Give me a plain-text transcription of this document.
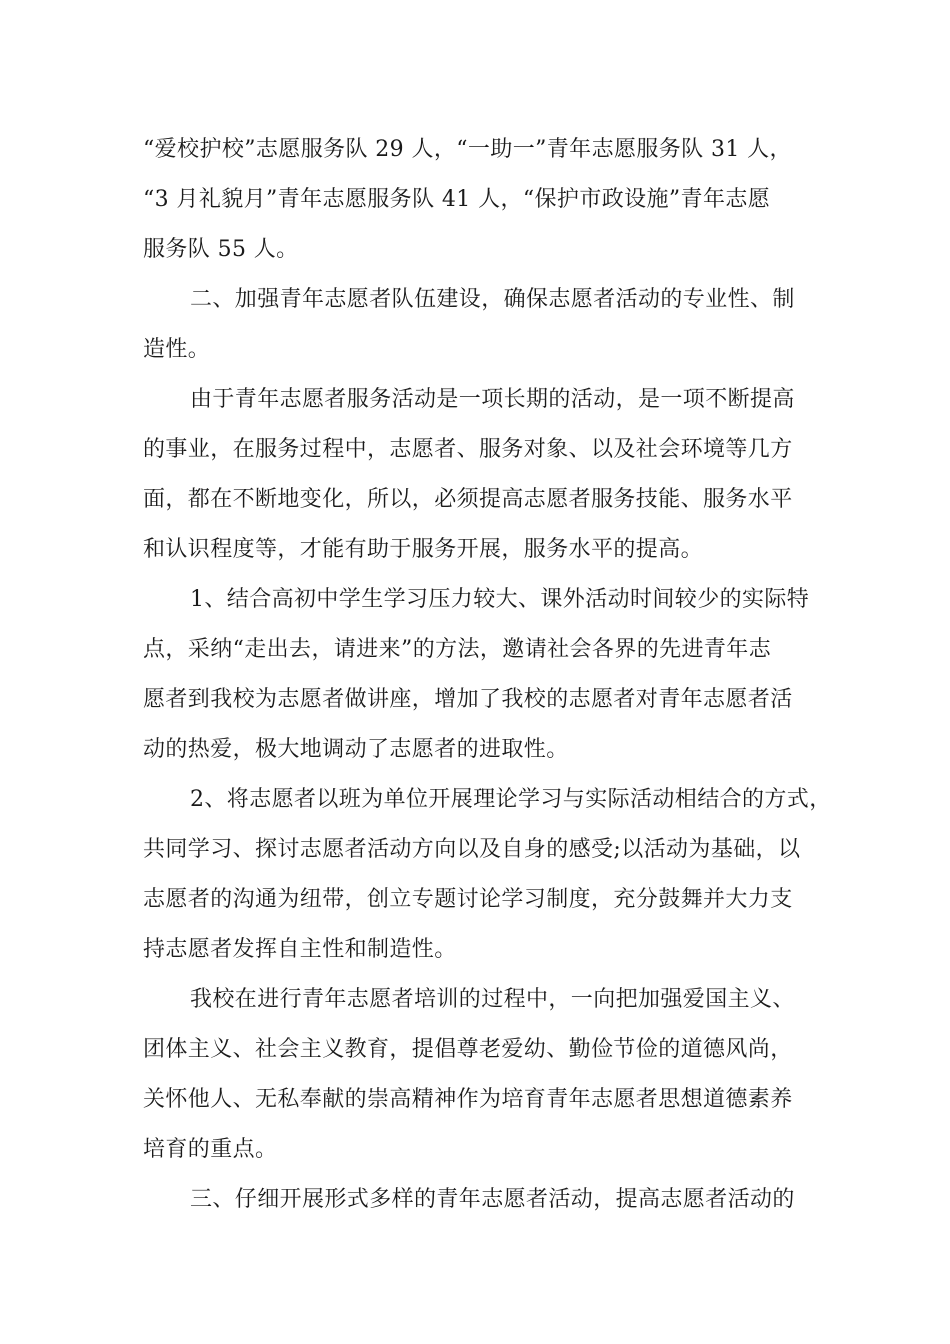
“爱校护校”志愿服务队 29 人，“一助一”青年志愿服务队 31 人，
“3 月礼貌月”青年志愿服务队 41 人，“保护市政设施”青年志愿
服务队 55 人。
二、加强青年志愿者队伍建设，确保志愿者活动的专业性、制
造性。
由于青年志愿者服务活动是一项长期的活动，是一项不断提高
的事业，在服务过程中，志愿者、服务对象、以及社会环境等几方
面，都在不断地变化，所以，必须提高志愿者服务技能、服务水平
和认识程度等，才能有助于服务开展，服务水平的提高。
1、结合高初中学生学习压力较大、课外活动时间较少的实际特
点，采纳“走出去，请进来”的方法，邀请社会各界的先进青年志
愿者到我校为志愿者做讲座，增加了我校的志愿者对青年志愿者活
动的热爱，极大地调动了志愿者的进取性。
2、将志愿者以班为单位开展理论学习与实际活动相结合的方式，
共同学习、探讨志愿者活动方向以及自身的感受;以活动为基础，以
志愿者的沟通为纽带，创立专题讨论学习制度，充分鼓舞并大力支
持志愿者发挥自主性和制造性。
我校在进行青年志愿者培训的过程中，一向把加强爱国主义、
团体主义、社会主义教育，提倡尊老爱幼、勤俭节俭的道德风尚，
关怀他人、无私奉献的崇高精神作为培育青年志愿者思想道德素养
培育的重点。
三、仔细开展形式多样的青年志愿者活动，提高志愿者活动的
